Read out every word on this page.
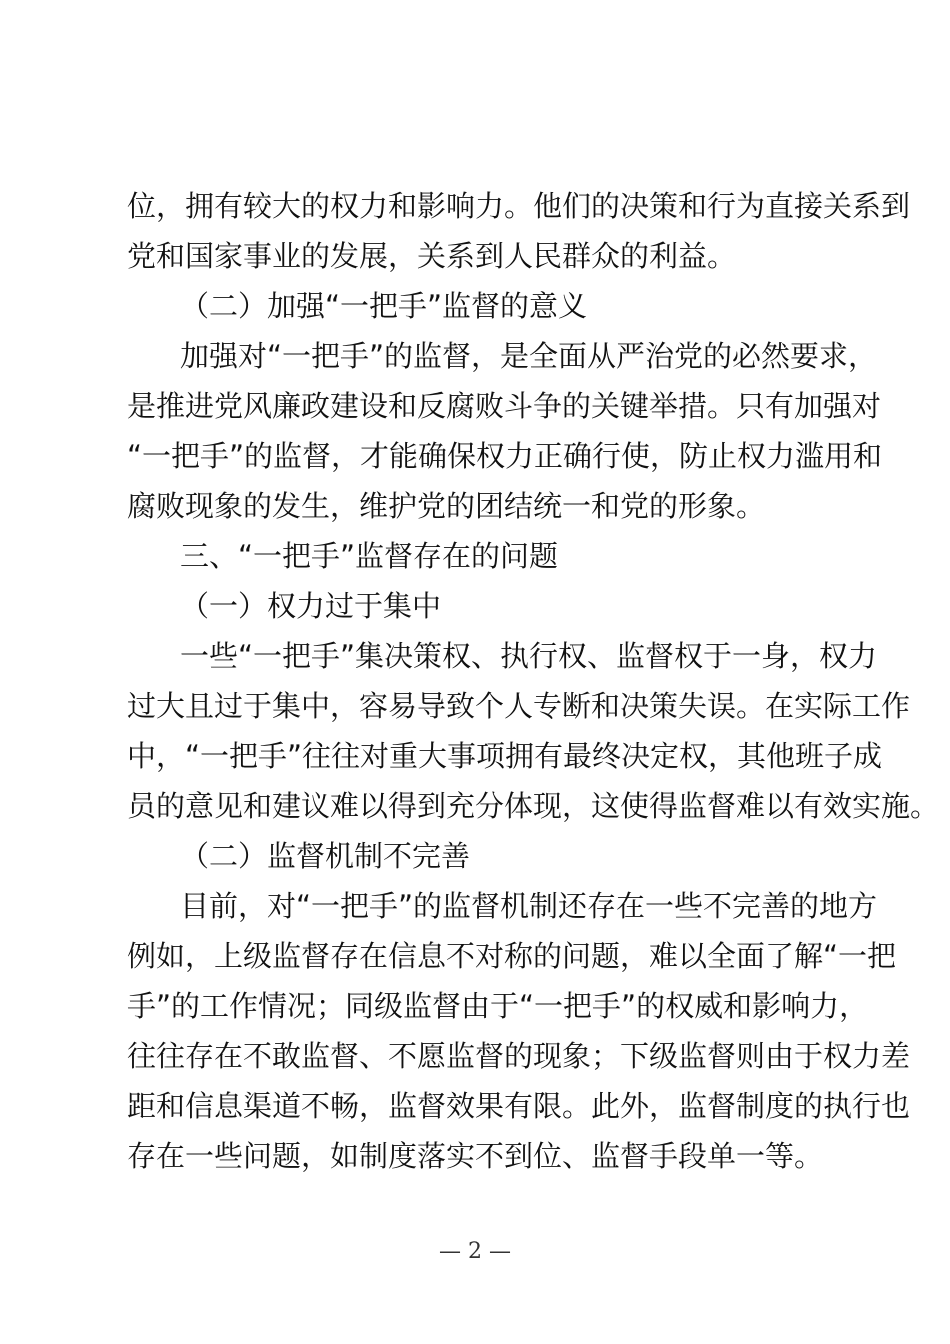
位，拥有较大的权力和影响力。他们的决策和行为直接关系到
党和国家事业的发展，关系到人民群众的利益。
（二）加强“一把手”监督的意义
加强对“一把手”的监督，是全面从严治党的必然要求，
是推进党风廉政建设和反腐败斗争的关键举措。只有加强对
“一把手”的监督，才能确保权力正确行使，防止权力滥用和
腐败现象的发生，维护党的团结统一和党的形象。
三、“一把手”监督存在的问题
（一）权力过于集中
一些“一把手”集决策权、执行权、监督权于一身，权力
过大且过于集中，容易导致个人专断和决策失误。在实际工作
中，“一把手”往往对重大事项拥有最终决定权，其他班子成
员的意见和建议难以得到充分体现，这使得监督难以有效实施。
（二）监督机制不完善
目前，对“一把手”的监督机制还存在一些不完善的地方
例如，上级监督存在信息不对称的问题，难以全面了解“一把
手”的工作情况；同级监督由于“一把手”的权威和影响力，
往往存在不敢监督、不愿监督的现象；下级监督则由于权力差
距和信息渠道不畅，监督效果有限。此外，监督制度的执行也
存在一些问题，如制度落实不到位、监督手段单一等。
— 2 —
